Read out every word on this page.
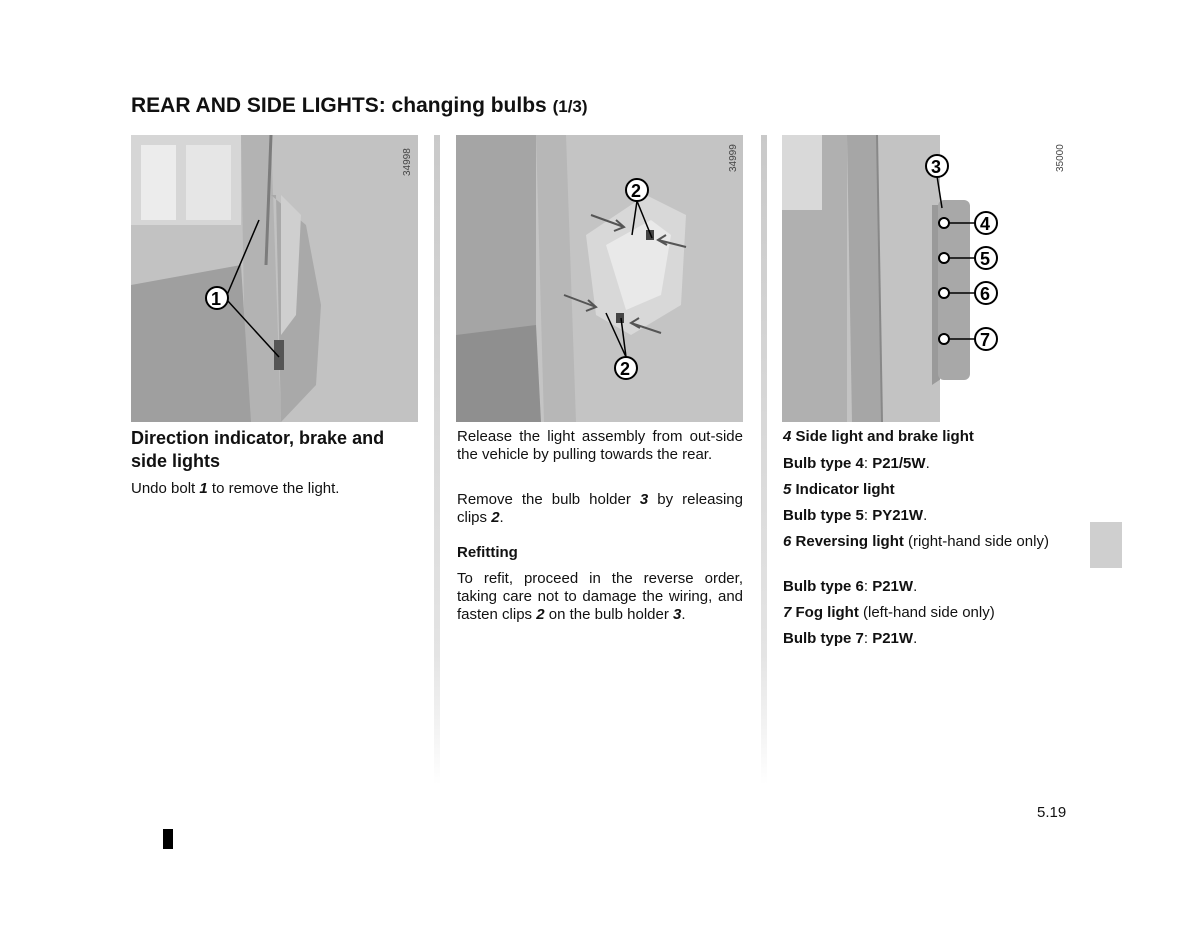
REAR AND SIDE LIGHTS: changing bulbs (1/3)
34998
1
34999
2
2
35000
3
4
5
6
7
Direction indicator, brake and side lights

Undo bolt 1 to remove the light.

Release the light assembly from out-side the vehicle by pulling towards the rear.

Remove the bulb holder 3 by releasing clips 2.

Refitting

To refit, proceed in the reverse order, taking care not to damage the wiring, and fasten clips 2 on the bulb holder 3.

4 Side light and brake light

Bulb type 4: P21/5W.

5 Indicator light

Bulb type 5: PY21W.

6 Reversing light (right-hand side only)

Bulb type 6: P21W.

7 Fog light (left-hand side only)

Bulb type 7: P21W.

5.19
